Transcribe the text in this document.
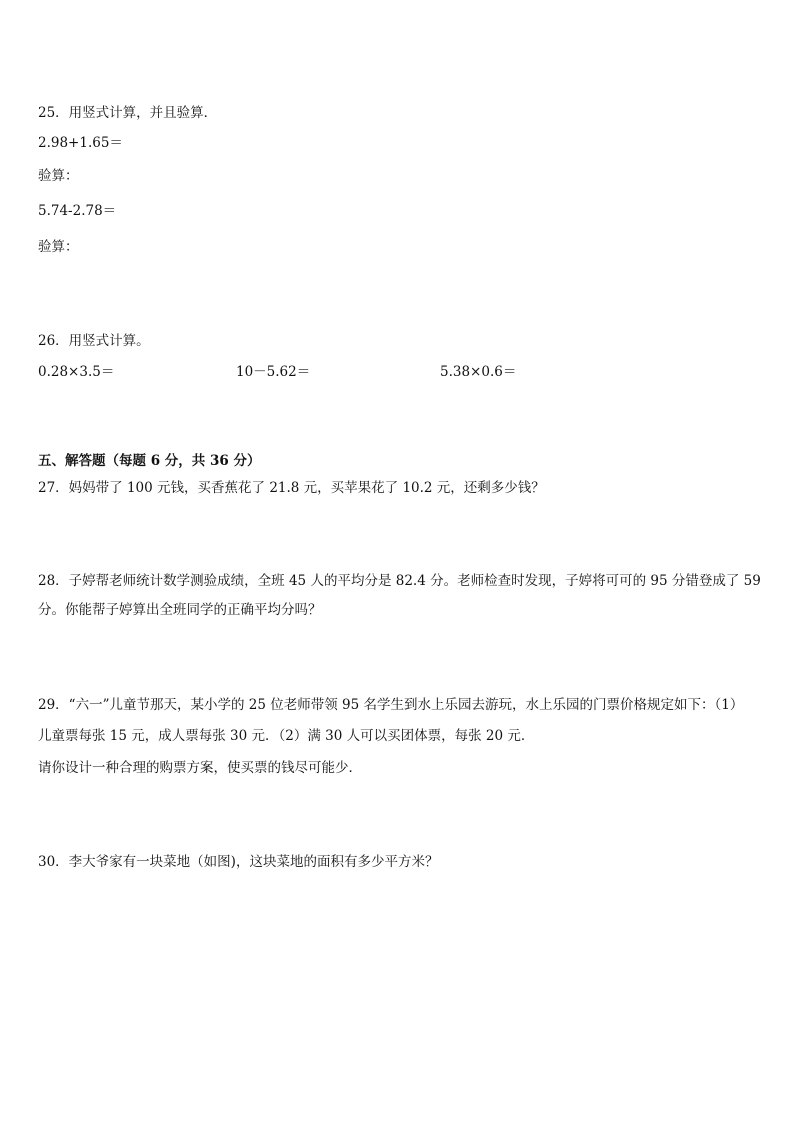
25．用竖式计算，并且验算．
2.98+1.65＝
验算：
5.74-2.78＝
验算：
26．用竖式计算。
0.28×3.5＝	10－5.62＝	5.38×0.6＝
五、解答题（每题 6 分，共 36 分）
27．妈妈带了 100 元钱，买香蕉花了 21.8 元，买苹果花了 10.2 元，还剩多少钱？
28．子婷帮老师统计数学测验成绩，全班 45 人的平均分是 82.4 分。老师检查时发现，子婷将可可的 95 分错登成了 59
分。你能帮子婷算出全班同学的正确平均分吗？
29．“六一”儿童节那天，某小学的 25 位老师带领 95 名学生到水上乐园去游玩，水上乐园的门票价格规定如下：（1）
儿童票每张 15 元，成人票每张 30 元．（2）满 30 人可以买团体票，每张 20 元．
请你设计一种合理的购票方案，使买票的钱尽可能少．
30．李大爷家有一块菜地（如图)，这块菜地的面积有多少平方米？
